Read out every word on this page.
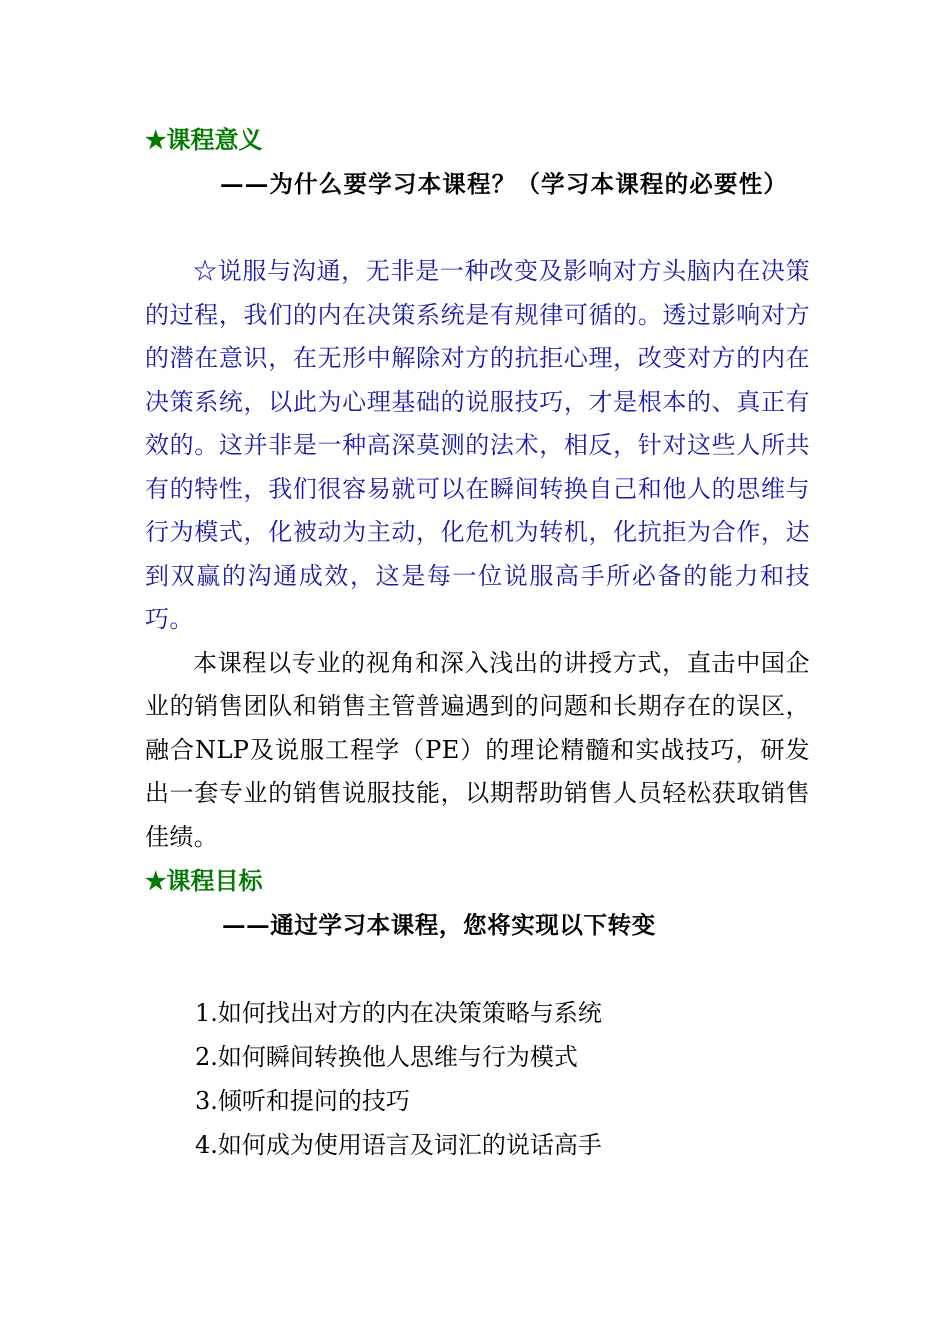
★课程意义
——为什么要学习本课程？（学习本课程的必要性）

☆说服与沟通，无非是一种改变及影响对方头脑内在决策的过程，我们的内在决策系统是有规律可循的。透过影响对方的潜在意识，在无形中解除对方的抗拒心理，改变对方的内在决策系统，以此为心理基础的说服技巧，才是根本的、真正有效的。这并非是一种高深莫测的法术，相反，针对这些人所共有的特性，我们很容易就可以在瞬间转换自己和他人的思维与行为模式，化被动为主动，化危机为转机，化抗拒为合作，达到双赢的沟通成效，这是每一位说服高手所必备的能力和技巧。

本课程以专业的视角和深入浅出的讲授方式，直击中国企业的销售团队和销售主管普遍遇到的问题和长期存在的误区，融合NLP及说服工程学（PE）的理论精髓和实战技巧，研发出一套专业的销售说服技能，以期帮助销售人员轻松获取销售佳绩。

★课程目标
——通过学习本课程，您将实现以下转变
1.如何找出对方的内在决策策略与系统
2.如何瞬间转换他人思维与行为模式
3.倾听和提问的技巧
4.如何成为使用语言及词汇的说话高手
